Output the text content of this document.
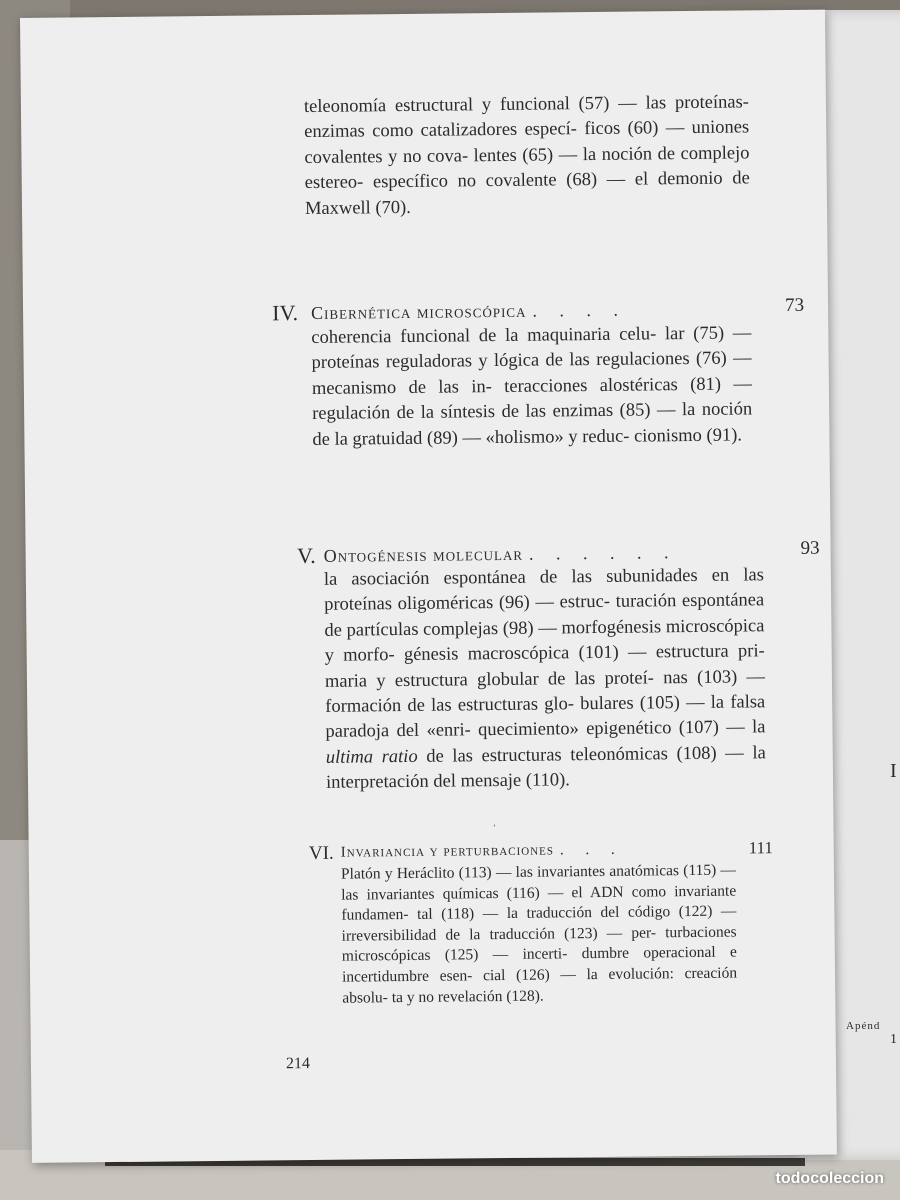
I
Apénd
1

teleonomía estructural y funcional (57) — las proteínas-enzimas como catalizadores especí- ficos (60) — uniones covalentes y no cova- lentes (65) — la noción de complejo estereo- específico no covalente (68) — el demonio de Maxwell (70).

IV. Cibernética microscópica . . . .	73

coherencia funcional de la maquinaria celu- lar (75) — proteínas reguladoras y lógica de las regulaciones (76) — mecanismo de las in- teracciones alostéricas (81) — regulación de la síntesis de las enzimas (85) — la noción de la gratuidad (89) — «holismo» y reduc- cionismo (91).

V. Ontogénesis molecular . . . . . .	93

la asociación espontánea de las subunidades en las proteínas oligoméricas (96) — estruc- turación espontánea de partículas complejas (98) — morfogénesis microscópica y morfo- génesis macroscópica (101) — estructura pri- maria y estructura globular de las proteí- nas (103) — formación de las estructuras glo- bulares (105) — la falsa paradoja del «enri- quecimiento» epigenético (107) — la ultima ratio de las estructuras teleonómicas (108) — la interpretación del mensaje (110).

'
VI. Invariancia y perturbaciones . . .	111

Platón y Heráclito (113) — las invariantes anatómicas (115) — las invariantes químicas (116) — el ADN como invariante fundamen- tal (118) — la traducción del código (122) — irreversibilidad de la traducción (123) — per- turbaciones microscópicas (125) — incerti- dumbre operacional e incertidumbre esen- cial (126) — la evolución: creación absolu- ta y no revelación (128).

214
todocoleccion
